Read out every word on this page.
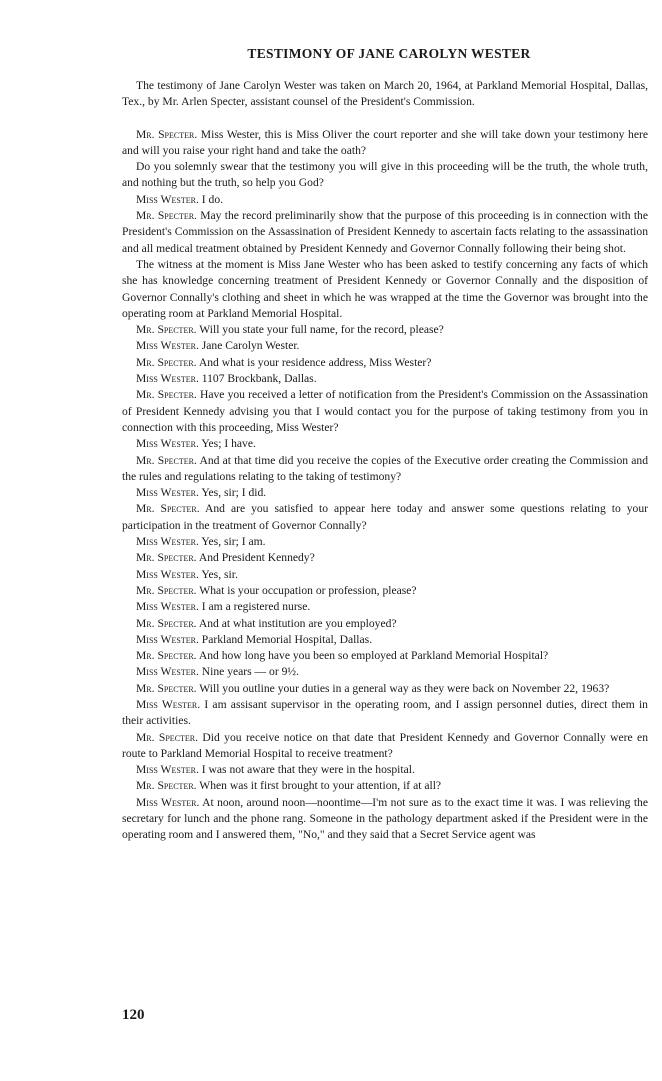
TESTIMONY OF JANE CAROLYN WESTER

The testimony of Jane Carolyn Wester was taken on March 20, 1964, at Parkland Memorial Hospital, Dallas, Tex., by Mr. Arlen Specter, assistant counsel of the President's Commission.

Mr. Specter. Miss Wester, this is Miss Oliver the court reporter and she will take down your testimony here and will you raise your right hand and take the oath?

Do you solemnly swear that the testimony you will give in this proceeding will be the truth, the whole truth, and nothing but the truth, so help you God?

Miss Wester. I do.

Mr. Specter. May the record preliminarily show that the purpose of this proceeding is in connection with the President's Commission on the Assassination of President Kennedy to ascertain facts relating to the assassination and all medical treatment obtained by President Kennedy and Governor Connally following their being shot.

The witness at the moment is Miss Jane Wester who has been asked to testify concerning any facts of which she has knowledge concerning treatment of President Kennedy or Governor Connally and the disposition of Governor Connally's clothing and sheet in which he was wrapped at the time the Governor was brought into the operating room at Parkland Memorial Hospital.

Mr. Specter. Will you state your full name, for the record, please?

Miss Wester. Jane Carolyn Wester.

Mr. Specter. And what is your residence address, Miss Wester?

Miss Wester. 1107 Brockbank, Dallas.

Mr. Specter. Have you received a letter of notification from the President's Commission on the Assassination of President Kennedy advising you that I would contact you for the purpose of taking testimony from you in connection with this proceeding, Miss Wester?

Miss Wester. Yes; I have.

Mr. Specter. And at that time did you receive the copies of the Executive order creating the Commission and the rules and regulations relating to the taking of testimony?

Miss Wester. Yes, sir; I did.

Mr. Specter. And are you satisfied to appear here today and answer some questions relating to your participation in the treatment of Governor Connally?

Miss Wester. Yes, sir; I am.

Mr. Specter. And President Kennedy?

Miss Wester. Yes, sir.

Mr. Specter. What is your occupation or profession, please?

Miss Wester. I am a registered nurse.

Mr. Specter. And at what institution are you employed?

Miss Wester. Parkland Memorial Hospital, Dallas.

Mr. Specter. And how long have you been so employed at Parkland Memorial Hospital?

Miss Wester. Nine years — or 9½.

Mr. Specter. Will you outline your duties in a general way as they were back on November 22, 1963?

Miss Wester. I am assisant supervisor in the operating room, and I assign personnel duties, direct them in their activities.

Mr. Specter. Did you receive notice on that date that President Kennedy and Governor Connally were en route to Parkland Memorial Hospital to receive treatment?

Miss Wester. I was not aware that they were in the hospital.

Mr. Specter. When was it first brought to your attention, if at all?

Miss Wester. At noon, around noon—noontime—I'm not sure as to the exact time it was. I was relieving the secretary for lunch and the phone rang. Someone in the pathology department asked if the President were in the operating room and I answered them, "No," and they said that a Secret Service agent was

120
